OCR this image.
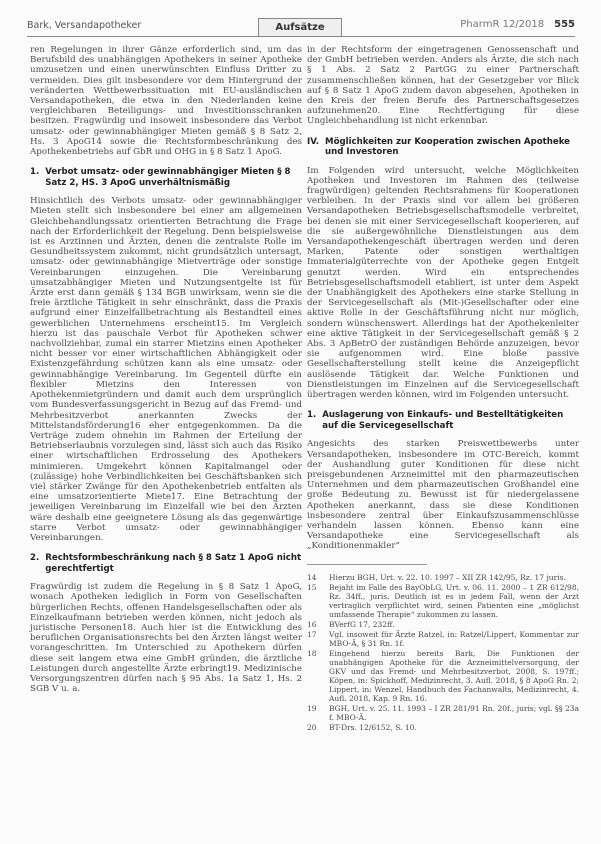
Bark, Versandapotheker	Aufsätze	PharmR 12/2018 555

ren Regelungen in ihrer Gänze erforderlich sind, um das Berufsbild des unabhängigen Apothekers in seiner Apotheke umzusetzen und einen unerwünschten Einfluss Dritter zu vermeiden. Dies gilt insbesondere vor dem Hintergrund der veränderten Wettbewerbssituation mit EU-ausländischen Versandapotheken, die etwa in den Niederlanden keine vergleichbaren Beteiligungs- und Investitionsschranken besitzen. Fragwürdig und insoweit insbesondere das Verbot umsatz- oder gewinnabhängiger Mieten gemäß § 8 Satz 2, Hs. 3 ApoG14 sowie die Rechtsformbeschränkung des Apothekenbetriebs auf GbR und OHG in § 8 Satz 1 ApoG.

1. Verbot umsatz- oder gewinnabhängiger Mieten § 8 Satz 2, HS. 3 ApoG unverhältnismäßig

Hinsichtlich des Verbots umsatz- oder gewinnabhängiger Mieten stellt sich insbesondere bei einer am allgemeinen Gleichbehandlungssatz orientierten Betrachtung die Frage nach der Erforderlichkeit der Regelung. Denn beispielsweise ist es Arztinnen und Ärzten, denen die zentralste Rolle im Gesundheitssystem zukommt, nicht grundsätzlich untersagt, umsatz- oder gewinnabhängige Mietverträge oder sonstige Vereinbarungen einzugehen. Die Vereinbarung umsatzabhängiger Mieten und Nutzungsentgelte ist für Ärzte erst dann gemäß § 134 BGB unwirksam, wenn sie die freie ärztliche Tätigkeit in sehr einschränkt, dass die Praxis aufgrund einer Einzelfallbetrachtung als Bestandteil eines gewerblichen Unternehmens erscheint15. Im Vergleich hierzu ist das pauschale Verbot für Apotheken schwer nachvollziehbar, zumal ein starrer Mietzins einen Apotheker nicht besser vor einer wirtschaftlichen Abhängigkeit oder Existenzgefährdung schützen kann als eine umsatz- oder gewinnabhängige Vereinbarung. Im Gegenteil dürfte ein flexibler Mietzins den Interessen von Apothekenmietgründern und damit auch dem ursprünglich vom Bundesverfassungsgericht in Bezug auf das Fremd- und Mehrbesitzverbot anerkannten Zwecks der Mittelstandsförderung16 eher entgegenkommen. Da die Verträge zudem ohnehin im Rahmen der Erteilung der Betriebserlaubnis vorzulegen sind, lässt sich auch das Risiko einer wirtschaftlichen Erdrosselung des Apothekers minimieren. Umgekehrt können Kapitalmangel oder (zulässige) hohe Verbindlichkeiten bei Geschäftsbanken sich viel stärker Zwänge für den Apothekenbetrieb entfalten als eine umsatzorientierte Miete17. Eine Betrachtung der jeweiligen Vereinbarung im Einzelfall wie bei den Ärzten wäre deshalb eine geeignetere Lösung als das gegenwärtige starre Verbot umsatz- oder gewinnabhängiger Vereinbarungen.

2. Rechtsformbeschränkung nach § 8 Satz 1 ApoG nicht gerechtfertigt

Fragwürdig ist zudem die Regelung in § 8 Satz 1 ApoG, wonach Apotheken lediglich in Form von Gesellschaften bürgerlichen Rechts, offenen Handelsgesellschaften oder als Einzelkaufmann betrieben werden können, nicht jedoch als juristische Personen18. Auch hier ist die Entwicklung des beruflichen Organisationsrechts bei den Ärzten längst weiter vorangeschritten. Im Unterschied zu Apothekern dürfen diese seit langem etwa eine GmbH gründen, die ärztliche Leistungen durch angestellte Ärzte erbringt19. Medizinische Versorgungszentren dürfen nach § 95 Abs. 1a Satz 1, Hs. 2 SGB V u. a.

in der Rechtsform der eingetragenen Genossenschaft und der GmbH betrieben werden. Anders als Ärzte, die sich nach § 1 Abs. 2 Satz 2 PartGG zu einer Partnerschaft zusammenschließen können, hat der Gesetzgeber vor Blick auf § 8 Satz 1 ApoG zudem davon abgesehen, Apotheken in den Kreis der freien Berufe des Partnerschaftsgesetzes aufzunehmen20. Eine Rechtfertigung für diese Ungleichbehandlung ist nicht erkennbar.

IV. Möglichkeiten zur Kooperation zwischen Apotheke und Investoren

Im Folgenden wird untersucht, welche Möglichkeiten Apotheken und Investoren im Rahmen des (teilweise fragwürdigen) geltenden Rechtsrahmens für Kooperationen verbleiben. In der Praxis sind vor allem bei größeren Versandapotheken Betriebsgesellschaftsmodelle verbreitet, bei denen sie mit einer Servicegesellschaft kooperieren, auf die sie außergewöhnliche Dienstleistungen aus dem Versandapothekengeschäft übertragen werden und deren Marken, Patente oder sonstigen werthaltigen Immaterialgüterrechte von der Apotheke gegen Entgelt genutzt werden. Wird ein entsprechendes Betriebsgesellschaftsmodell etabliert, ist unter dem Aspekt der Unabhängigkeit des Apothekers eine starke Stellung in der Servicegesellschaft als (Mit-)Gesellschafter oder eine aktive Rolle in der Geschäftsführung nicht nur möglich, sondern wünschenswert. Allerdings hat der Apothekenleiter eine aktive Tätigkeit in der Servicegesellschaft gemäß § 2 Abs. 3 ApBetrO der zuständigen Behörde anzuzeigen, bevor sie aufgenommen wird. Eine bloße passive Gesellschafterstellung stellt keine die Anzeigepflicht auslösende Tätigkeit dar. Welche Funktionen und Dienstleistungen im Einzelnen auf die Servicegesellschaft übertragen werden können, wird im Folgenden untersucht.

1. Auslagerung von Einkaufs- und Bestelltätigkeiten auf die Servicegesellschaft

Angesichts des starken Preiswettbewerbs unter Versandapotheken, insbesondere im OTC-Bereich, kommt der Aushandlung guter Konditionen für diese nicht preisgebundenen Arzneimittel mit den pharmazeutischen Unternehmen und dem pharmazeutischen Großhandel eine große Bedeutung zu. Bewusst ist für niedergelassene Apotheken anerkannt, dass sie diese Konditionen insbesondere zentral über Einkaufszusammenschlüsse verhandeln lassen können. Ebenso kann eine Versandapotheke eine Servicegesellschaft als „Konditionenmakler“

14	Hierzu BGH, Urt. v. 22. 10. 1997 – XII ZR 142/95, Rz. 17 juris.
15	Bejaht im Falle des BayObLG, Urt. v. 06. 11. 2000 – 1 ZR 612/98, Rz. 34ff., juris. Deutlich ist es in jedem Fall, wenn der Arzt vertraglich verpflichtet wird, seinen Patienten eine „möglichst umfassende Therapie“ zukommen zu lassen.
16	BVerfG 17, 232ff.
17	Vgl. insoweit für Ärzte Ratzel, in: Ratzel/Lippert, Kommentar zur MBO-Ä, § 31 Rn. 1f.
18	Eingehend hierzu bereits Bark, Die Funktionen der unabhängigen Apotheke für die Arzneimittelversorgung, der GKV und das Fremd- und Mehrbesitzverbot, 2008, S. 197ff.; Köpen, in: Spickhoff, Medizinrecht, 3. Aufl. 2018, § 8 ApoG Rn. 2; Lippert, in: Wenzel, Handbuch des Fachanwalts, Medizinrecht, 4. Aufl. 2018, Kap. 9 Rn. 16.
19	BGH, Urt. v. 25. 11. 1993 – I ZR 281/91 Rn. 20f., juris; vgl. §§ 23a f. MBO-Ä.
20	BT-Drs. 12/6152, S. 10.
